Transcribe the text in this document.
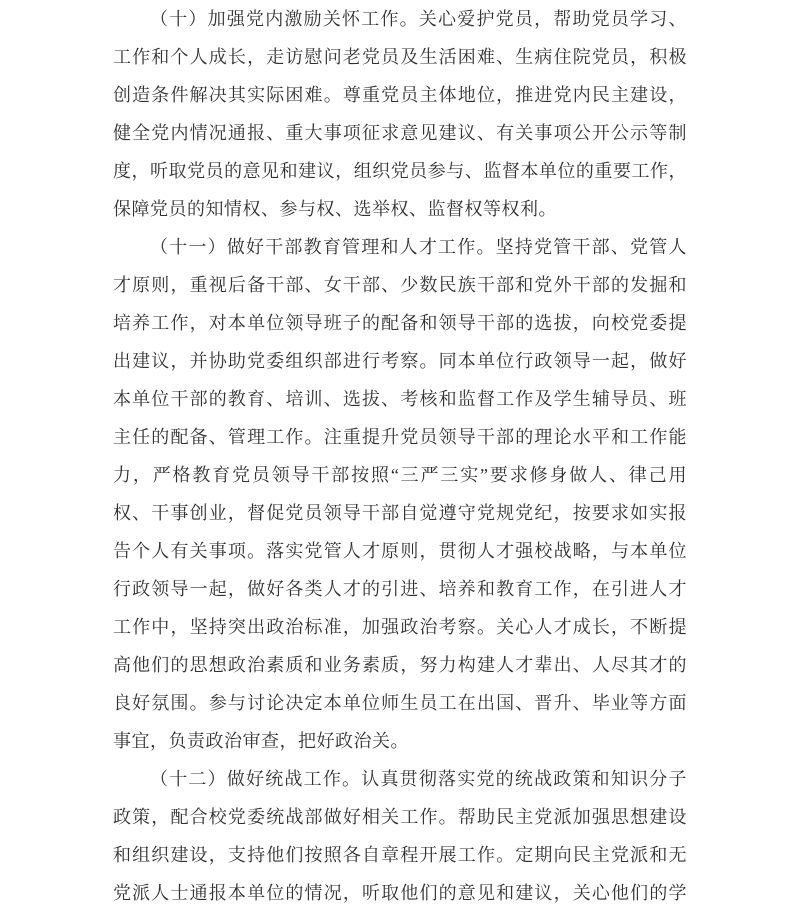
（十）加强党内激励关怀工作。关心爱护党员，帮助党员学习、
工作和个人成长，走访慰问老党员及生活困难、生病住院党员，积极
创造条件解决其实际困难。尊重党员主体地位，推进党内民主建设，
健全党内情况通报、重大事项征求意见建议、有关事项公开公示等制
度，听取党员的意见和建议，组织党员参与、监督本单位的重要工作，
保障党员的知情权、参与权、选举权、监督权等权利。
（十一）做好干部教育管理和人才工作。坚持党管干部、党管人
才原则，重视后备干部、女干部、少数民族干部和党外干部的发掘和
培养工作，对本单位领导班子的配备和领导干部的选拔，向校党委提
出建议，并协助党委组织部进行考察。同本单位行政领导一起，做好
本单位干部的教育、培训、选拔、考核和监督工作及学生辅导员、班
主任的配备、管理工作。注重提升党员领导干部的理论水平和工作能
力，严格教育党员领导干部按照“三严三实”要求修身做人、律己用
权、干事创业，督促党员领导干部自觉遵守党规党纪，按要求如实报
告个人有关事项。落实党管人才原则，贯彻人才强校战略，与本单位
行政领导一起，做好各类人才的引进、培养和教育工作，在引进人才
工作中，坚持突出政治标准，加强政治考察。关心人才成长，不断提
高他们的思想政治素质和业务素质，努力构建人才辈出、人尽其才的
良好氛围。参与讨论决定本单位师生员工在出国、晋升、毕业等方面
事宜，负责政治审查，把好政治关。
（十二）做好统战工作。认真贯彻落实党的统战政策和知识分子
政策，配合校党委统战部做好相关工作。帮助民主党派加强思想建设
和组织建设，支持他们按照各自章程开展工作。定期向民主党派和无
党派人士通报本单位的情况，听取他们的意见和建议，关心他们的学
